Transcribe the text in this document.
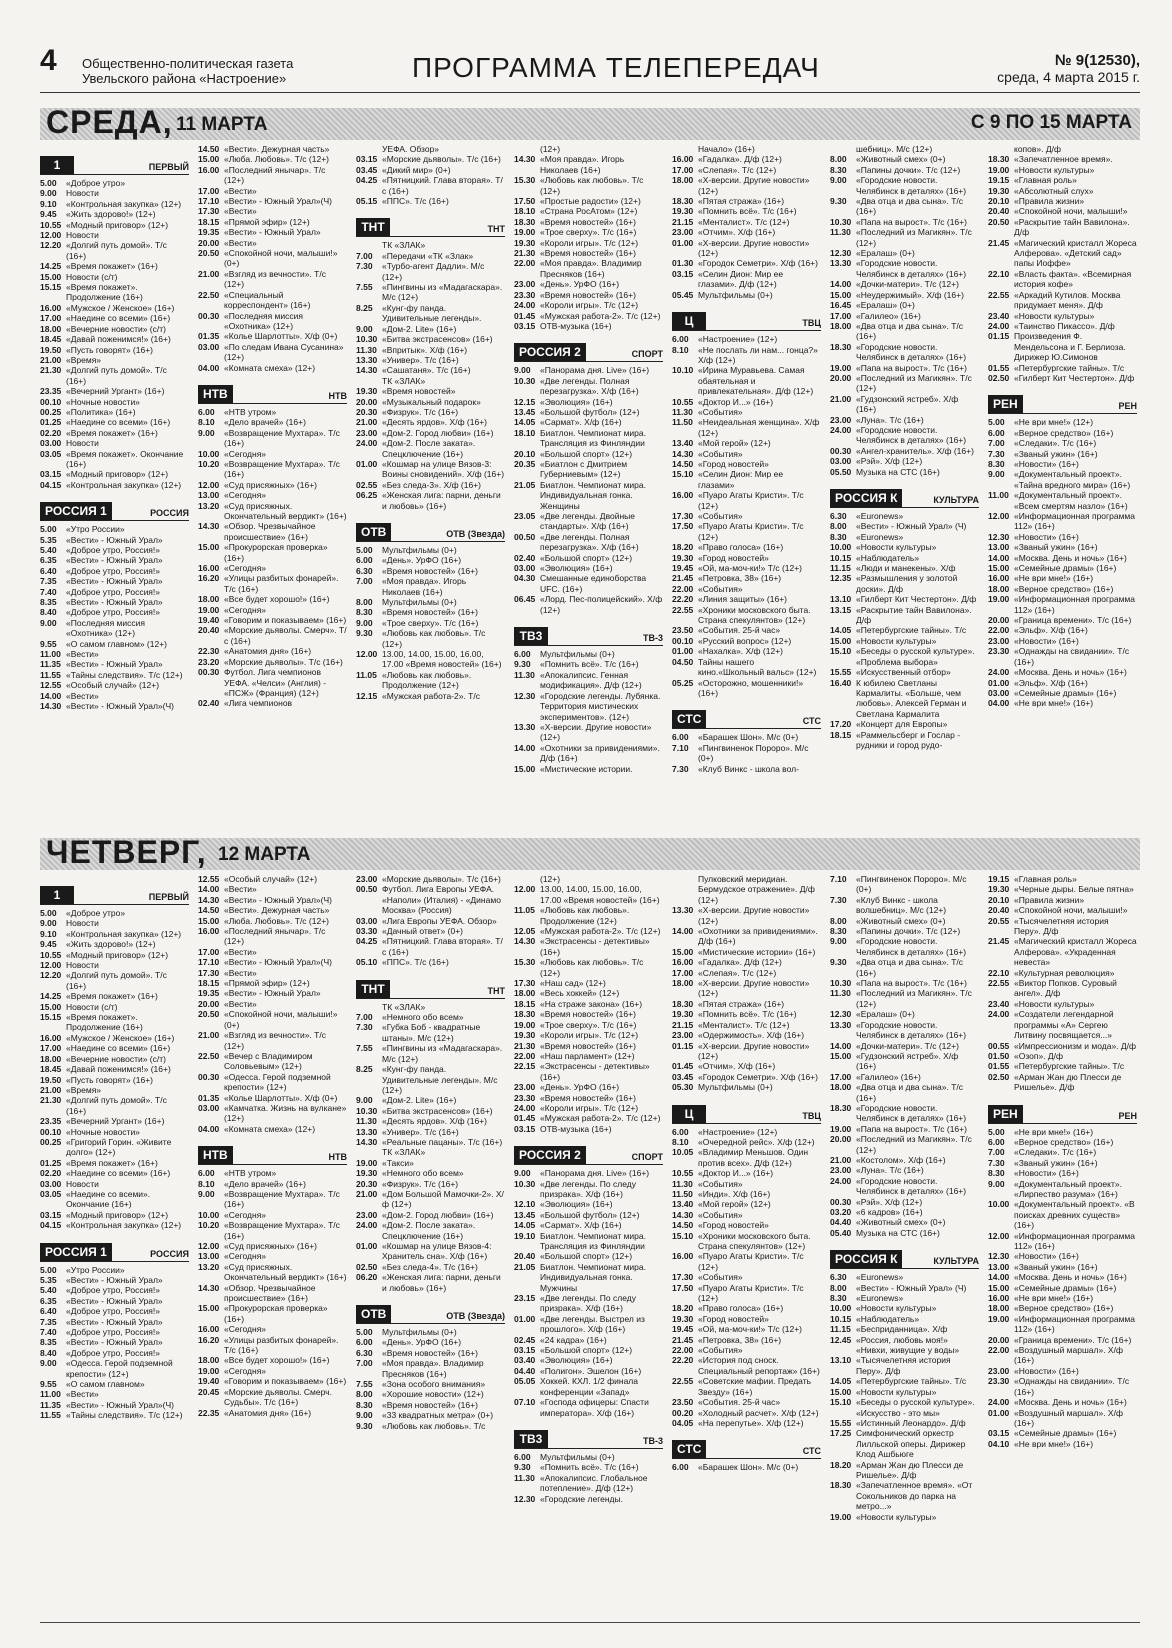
4 Общественно-политическая газета
Увельского района «Настроение»	ПРОГРАММА ТЕЛЕПЕРЕДАЧ	№ 9(12530),
среда, 4 марта 2015 г.
СРЕДА, 11 МАРТА	С 9 ПО 15 МАРТА
1	ПЕРВЫЙ
5.00	«Доброе утро»
9.00	Новости
9.10	«Контрольная закупка» (12+)
9.45	«Жить здорово!» (12+)
10.55 «Модный приговор» (12+)
12.00 Новости
12.20 «Долгий путь домой». Т/с (16+)
14.25 «Время покажет» (16+)
15.00 Новости (с/т)
15.15 «Время покажет». Продолжение (16+)
16.00 «Мужское / Женское» (16+)
17.00 «Наедине со всеми» (16+)
18.00 «Вечерние новости» (с/т)
18.45 «Давай поженимся!» (16+)
19.50 «Пусть говорят» (16+)
21.00 «Время»
21.30 «Долгий путь домой». Т/с (16+)
23.35 «Вечерний Ургант» (16+)
00.10 «Ночные новости»
00.25 «Политика» (16+)
01.25 «Наедине со всеми» (16+)
02.20 «Время покажет» (16+)
03.00 Новости
03.05 «Время покажет». Окончание (16+)
03.15 «Модный приговор» (12+)
04.15 «Контрольная закупка» (12+)
РОССИЯ 1	РОССИЯ
5.00	«Утро России»
5.35	«Вести» - Южный Урал»
5.40	«Доброе утро, Россия!»
6.35	«Вести» - Южный Урал»
6.40	«Доброе утро, Россия!»
7.35	«Вести» - Южный Урал»
7.40	«Доброе утро, Россия!»
8.35	«Вести» - Южный Урал»
8.40	«Доброе утро, Россия!»
9.00	«Последняя миссия «Охотника» (12+)
9.55	«О самом главном» (12+)
11.00 «Вести»
11.35 «Вести» - Южный Урал»
11.55 «Тайны следствия». Т/с (12+)
12.55 «Особый случай» (12+)
14.00 «Вести»
14.30 «Вести» - Южный Урал»(Ч)
14.50 «Вести». Дежурная часть»
15.00 «Люба. Любовь». Т/с (12+)
16.00 «Последний янычар». Т/с (12+)
17.00 «Вести»
17.10 «Вести» - Южный Урал»(Ч)
17.30 «Вести»
18.15 «Прямой эфир» (12+)
19.35 «Вести» - Южный Урал»
20.00 «Вести»
20.50 «Спокойной ночи, малыши!» (0+)
21.00 «Взгляд из вечности». Т/с (12+)
22.50 «Специальный корреспондент» (16+)
00.30 «Последняя миссия «Охотника» (12+)
01.35 «Колье Шарлотты». Х/ф (0+)
03.00 «По следам Ивана Сусанина» (12+)
04.00 «Комната смеха» (12+)
НТВ	НТВ
6.00	«НТВ утром»
8.10	«Дело врачей» (16+)
9.00	«Возвращение Мухтара». Т/с (16+)
10.00 «Сегодня»
10.20 «Возвращение Мухтара». Т/с (16+)
12.00 «Суд присяжных» (16+)
13.00 «Сегодня»
13.20 «Суд присяжных. Окончательный вердикт» (16+)
14.30 «Обзор. Чрезвычайное происшествие» (16+)
15.00 «Прокурорская проверка» (16+)
16.00 «Сегодня»
16.20 «Улицы разбитых фонарей». Т/с (16+)
18.00 «Все будет хорошо!» (16+)
19.00 «Сегодня»
19.40 «Говорим и показываем» (16+)
20.40 «Морские дьяволы. Смерч». Т/с (16+)
22.30 «Анатомия дня» (16+)
23.20 «Морские дьяволы». Т/с (16+)
00.30 Футбол. Лига чемпионов УЕФА. «Челси» (Англия) - «ПСЖ» (Франция) (12+)
02.40 «Лига чемпионов
УЕФА. Обзор»
03.15 «Морские дьяволы». Т/с (16+)
03.45 «Дикий мир» (0+)
04.25 «Пятницкий. Глава вторая». Т/с (16+)
05.15 «ППС». Т/с (16+)
ТНТ	ТНТ
ТК «ЗЛАК»
7.00	«Передачи «ТК «Злак»
7.30	«Турбо-агент Дадли». М/с (12+)
7.55	«Пингвины из «Мадагаскара». М/с (12+)
8.25	«Кунг-фу панда. Удивительные легенды».
9.00	«Дом-2. Lite» (16+)
10.30 «Битва экстрасенсов» (16+)
11.30 «Впритык». Х/ф (16+)
13.30 «Универ». Т/с (16+)
14.30 «Сашатаня». Т/с (16+)
ТК «ЗЛАК»
19.30 «Время новостей»
20.00 «Музыкальный подарок»
20.30 «Физрук». Т/с (16+)
21.00 «Десять ярдов». Х/ф (16+)
23.00 «Дом-2. Город любви» (16+)
24.00 «Дом-2. После заката». Спецключение (16+)
01.00 «Кошмар на улице Вязов-3: Воины сновидений». Х/ф (16+)
02.55 «Без следа-3». Х/ф (16+)
06.25 «Женская лига: парни, деньги и любовь» (16+)
ОТВ	ОТВ (Звезда)
5.00	Мультфильмы (0+)
6.00	«День». УрФО (16+)
6.30	«Время новостей» (16+)
7.00	«Моя правда». Игорь Николаев (16+)
8.00	Мультфильмы (0+)
8.30	«Время новостей» (16+)
9.00	«Трое сверху». Т/с (16+)
9.30	«Любовь как любовь». Т/с (12+)
12.00 13.00, 14.00, 15.00, 16.00, 17.00 «Время новостей» (16+)
11.05 «Любовь как любовь». Продолжение (12+)
12.15 «Мужская работа-2». Т/с
(12+)
14.30 «Моя правда». Игорь Николаев (16+)
15.30 «Любовь как любовь». Т/с (12+)
17.50 «Простые радости» (12+)
18.10 «Страна РосАтом» (12+)
18.30 «Время новостей» (16+)
19.00 «Трое сверху». Т/с (16+)
19.30 «Короли игры». Т/с (12+)
21.30 «Время новостей» (16+)
22.00 «Моя правда». Владимир Пресняков (16+)
23.00 «День». УрФО (16+)
23.30 «Время новостей» (16+)
24.00 «Короли игры». Т/с (12+)
01.45 «Мужская работа-2». Т/с (12+)
03.15 ОТВ-музыка (16+)
РОССИЯ 2	СПОРТ
9.00	«Панорама дня. Live» (16+)
10.30 «Две легенды. Полная перезагрузка». Х/ф (16+)
12.15 «Эволюция» (16+)
13.45 «Большой футбол» (12+)
14.05 «Сармат». Х/ф (16+)
18.10 Биатлон. Чемпионат мира. Трансляция из Финляндии
20.10 «Большой спорт» (12+)
20.35 «Биатлон с Дмитрием Губерниевым» (12+)
21.05 Биатлон. Чемпионат мира. Индивидуальная гонка. Женщины
23.05 «Две легенды. Двойные стандарты». Х/ф (16+)
00.50 «Две легенды. Полная перезагрузка». Х/ф (16+)
02.40 «Большой спорт» (12+)
03.00 «Эволюция» (16+)
04.30 Смешанные единоборства UFC. (16+)
06.45 «Лорд. Пес-полицейский». Х/ф (12+)
ТВ3	ТВ-3
6.00	Мультфильмы (0+)
9.30	«Помнить всё». Т/с (16+)
11.30 «Апокалипсис. Генная модификация». Д/ф (12+)
12.30 «Городские легенды. Лубянка. Территория мистических экспериментов». (12+)
13.30 «Х-версии. Другие новости» (12+)
14.00 «Охотники за привидениями». Д/ф (16+)
15.00 «Мистические истории.
Начало» (16+)
16.00 «Гадалка». Д/ф (12+)
17.00 «Слепая». Т/с (12+)
18.00 «Х-версии. Другие новости» (12+)
18.30 «Пятая стража» (16+)
19.30 «Помнить всё». Т/с (16+)
21.15 «Менталист». Т/с (12+)
23.00 «Отчим». Х/ф (16+)
01.00 «Х-версии. Другие новости» (12+)
01.30 «Городок Семетри». Х/ф (16+)
03.15 «Селин Дион: Мир ее глазами». Д/ф (12+)
05.45 Мультфильмы (0+)
Ц	ТВЦ
6.00	«Настроение» (12+)
8.10	«Не послать ли нам... гонца?» Х/ф (12+)
10.10 «Ирина Муравьева. Самая обаятельная и привлекательная». Д/ф (12+)
10.55 «Доктор И...» (16+)
11.30 «События»
11.50 «Неидеальная женщина». Х/ф (12+)
13.40 «Мой герой» (12+)
14.30 «События»
14.50 «Город новостей»
15.10 «Селин Дион: Мир ее глазами»
16.00 «Пуаро Агаты Кристи». Т/с (12+)
17.30 «События»
17.50 «Пуаро Агаты Кристи». Т/с (12+)
18.20 «Право голоса» (16+)
19.30 «Город новостей»
19.45 «Ой, ма-моч-ки!» Т/с (12+)
21.45 «Петровка, 38» (16+)
22.00 «События»
22.20 «Линия защиты» (16+)
22.55 «Хроники московского быта. Страна спекулянтов» (12+)
23.50 «События. 25-й час»
00.10 «Русский вопрос» (12+)
01.00 «Нахалка». Х/ф (12+)
04.50 Тайны нашего кино.«Школьный вальс» (12+)
05.25 «Осторожно, мошенники!» (16+)
СТС	СТС
6.00	«Барашек Шон». М/с (0+)
7.10	«Пингвиненок Пороро». М/с (0+)
7.30	«Клуб Винкс - школа вол-
шебниц». М/с (12+)
8.00	«Животный смех» (0+)
8.30	«Папины дочки». Т/с (12+)
9.00	«Городские новости. Челябинск в деталях» (16+)
9.30	«Два отца и два сына». Т/с (16+)
10.30 «Папа на вырост». Т/с (16+)
11.30 «Последний из Магикян». Т/с (12+)
12.30 «Ералаш» (0+)
13.30 «Городские новости. Челябинск в деталях» (16+)
14.00 «Дочки-матери». Т/с (12+)
15.00 «Неудержимый». Х/ф (16+)
16.45 «Ералаш» (0+)
17.00 «Галилео» (16+)
18.00 «Два отца и два сына». Т/с (16+)
18.30 «Городские новости. Челябинск в деталях» (16+)
19.00 «Папа на вырост». Т/с (16+)
20.00 «Последний из Магикян». Т/с (12+)
21.00 «Гудзонский ястреб». Х/ф (16+)
23.00 «Луна». Т/с (16+)
24.00 «Городские новости. Челябинск в деталях» (16+)
00.30 «Ангел-хранитель». Х/ф (16+)
03.00 «Рэй». Х/ф (12+)
05.50 Музыка на СТС (16+)
РОССИЯ К	КУЛЬТУРА
6.30	«Euronews»
8.00	«Вести» - Южный Урал» (Ч)
8.30	«Euronews»
10.00 «Новости культуры»
10.15 «Наблюдатель»
11.15 «Люди и манекены». Х/ф
12.35 «Размышления у золотой доски». Д/ф
13.10 «Гилберт Кит Честертон». Д/ф
13.15 «Раскрытие тайн Вавилона». Д/ф
14.05 «Петербургские тайны». Т/с
15.00 «Новости культуры»
15.10 «Беседы о русской культуре». «Проблема выбора»
15.55 «Искусственный отбор»
16.40 К юбилею Светланы Кармалиты. «Больше, чем любовь». Алексей Герман и Светлана Кармалита
17.20 «Концерт для Европы»
18.15 «Раммельсберг и Гослар - рудники и город рудо-
копов». Д/ф
18.30 «Запечатленное время».
19.00 «Новости культуры»
19.15 «Главная роль»
19.30 «Абсолютный слух»
20.10 «Правила жизни»
20.40 «Спокойной ночи, малыши!»
20.50 «Раскрытие тайн Вавилона». Д/ф
21.45 «Магический кристалл Жореса Алферова». «Детский сад» папы Иоффе»
22.10 «Власть факта». «Всемирная история кофе»
22.55 «Аркадий Кутилов. Москва придумает меня». Д/ф
23.40 «Новости культуры»
24.00 «Таинство Пикассо». Д/ф
01.15 Произведения Ф. Мендельсона и Г. Берлиоза. Дирижер Ю.Симонов
01.55 «Петербургские тайны». Т/с
02.50 «Гилберт Кит Честертон». Д/ф
РЕН	РЕН
5.00	«Не ври мне!» (12+)
6.00	«Верное средство» (16+)
7.00	«Следаки». Т/с (16+)
7.30	«Званый ужин» (16+)
8.30	«Новости» (16+)
9.00	«Документальный проект». «Тайна вредного мира» (16+)
11.00 «Документальный проект». «Всем смертям назло» (16+)
12.00 «Информационная программа 112» (16+)
12.30 «Новости» (16+)
13.00 «Званый ужин» (16+)
14.00 «Москва. День и ночь» (16+)
15.00 «Семейные драмы» (16+)
16.00 «Не ври мне!» (16+)
18.00 «Верное средство» (16+)
19.00 «Информационная программа 112» (16+)
20.00 «Граница времени». Т/с (16+)
22.00 «Эльф». Х/ф (16+)
23.00 «Новости» (16+)
23.30 «Однажды на свидании». Т/с (16+)
24.00 «Москва. День и ночь» (16+)
01.00 «Эльф». Х/ф (16+)
03.00 «Семейные драмы» (16+)
04.00 «Не ври мне!» (16+)
ЧЕТВЕРГ, 12 МАРТА
1	ПЕРВЫЙ
5.00	«Доброе утро»
9.00	Новости
9.10	«Контрольная закупка» (12+)
9.45	«Жить здорово!» (12+)
10.55 «Модный приговор» (12+)
12.00 Новости
12.20 «Долгий путь домой». Т/с (16+)
14.25 «Время покажет» (16+)
15.00 Новости (с/т)
15.15 «Время покажет». Продолжение (16+)
16.00 «Мужское / Женское» (16+)
17.00 «Наедине со всеми» (16+)
18.00 «Вечерние новости» (с/т)
18.45 «Давай поженимся!» (16+)
19.50 «Пусть говорят» (16+)
21.00 «Время»
21.30 «Долгий путь домой». Т/с (16+)
23.35 «Вечерний Ургант» (16+)
00.10 «Ночные новости»
00.25 «Григорий Горин. «Живите долго» (12+)
01.25 «Время покажет» (16+)
02.20 «Наедине со всеми» (16+)
03.00 Новости
03.05 «Наедине со всеми». Окончание (16+)
03.15 «Модный приговор» (12+)
04.15 «Контрольная закупка» (12+)
РОССИЯ 1	РОССИЯ
5.00	«Утро России»
5.35	«Вести» - Южный Урал»
5.40	«Доброе утро, Россия!»
6.35	«Вести» - Южный Урал»
6.40	«Доброе утро, Россия!»
7.35	«Вести» - Южный Урал»
7.40	«Доброе утро, Россия!»
8.35	«Вести» - Южный Урал»
8.40	«Доброе утро, Россия!»
9.00	«Одесса. Герой подземной крепости» (12+)
9.55	«О самом главном»
11.00 «Вести»
11.35 «Вести» - Южный Урал»(Ч)
11.55 «Тайны следствия». Т/с (12+)
12.55 «Особый случай» (12+)
14.00 «Вести»
14.30 «Вести» - Южный Урал»(Ч)
14.50 «Вести». Дежурная часть»
15.00 «Люба. Любовь». Т/с (12+)
16.00 «Последний янычар». Т/с (12+)
17.00 «Вести»
17.10 «Вести» - Южный Урал»(Ч)
17.30 «Вести»
18.15 «Прямой эфир» (12+)
19.35 «Вести» - Южный Урал»
20.00 «Вести»
20.50 «Спокойной ночи, малыши!» (0+)
21.00 «Взгляд из вечности». Т/с (12+)
22.50 «Вечер с Владимиром Соловьевым» (12+)
00.30 «Одесса. Герой подземной крепости» (12+)
01.35 «Колье Шарлотты». Х/ф (0+)
03.00 «Камчатка. Жизнь на вулкане» (12+)
04.00 «Комната смеха» (12+)
НТВ	НТВ
6.00	«НТВ утром»
8.10	«Дело врачей» (16+)
9.00	«Возвращение Мухтара». Т/с (16+)
10.00 «Сегодня»
10.20 «Возвращение Мухтара». Т/с (16+)
12.00 «Суд присяжных» (16+)
13.00 «Сегодня»
13.20 «Суд присяжных. Окончательный вердикт» (16+)
14.30 «Обзор. Чрезвычайное происшествие» (16+)
15.00 «Прокурорская проверка» (16+)
16.00 «Сегодня»
16.20 «Улицы разбитых фонарей». Т/с (16+)
18.00 «Все будет хорошо!» (16+)
19.00 «Сегодня»
19.40 «Говорим и показываем» (16+)
20.45 «Морские дьяволы. Смерч. Судьбы». Т/с (16+)
22.35 «Анатомия дня» (16+)
23.00 «Морские дьяволы». Т/с (16+)
00.50 Футбол. Лига Европы УЕФА. «Наполи» (Италия) - «Динамо Москва» (Россия)
03.00 «Лига Европы УЕФА. Обзор»
03.30 «Дачный ответ» (0+)
04.25 «Пятницкий. Глава вторая». Т/с (16+)
05.10 «ППС». Т/с (16+)
ТНТ	ТНТ
ТК «ЗЛАК»
7.00	«Немного обо всем»
7.30	«Губка Боб - квадратные штаны». М/с (12+)
7.55	«Пингвины из «Мадагаскара». М/с (12+)
8.25	«Кунг-фу панда. Удивительные легенды». М/с (12+)
9.00	«Дом-2. Lite» (16+)
10.30 «Битва экстрасенсов» (16+)
11.30 «Десять ярдов». Х/ф (16+)
13.30 «Универ». Т/с (16+)
14.30 «Реальные пацаны». Т/с (16+)
ТК «ЗЛАК»
19.00 «Такси»
19.30 «Немного обо всем»
20.30 «Физрук». Т/с (16+)
21.00 «Дом Большой Мамочки-2». Х/ф (12+)
23.00 «Дом-2. Город любви» (16+)
24.00 «Дом-2. После заката». Спецключение (16+)
01.00 «Кошмар на улице Вязов-4: Хранитель сна». Х/ф (16+)
02.50 «Без следа-4». Т/с (16+)
06.20 «Женская лига: парни, деньги и любовь» (16+)
ОТВ	ОТВ (Звезда)
5.00	Мультфильмы (0+)
6.00	«День». УрФО (16+)
6.30	«Время новостей» (16+)
7.00	«Моя правда». Владимир Пресняков (16+)
7.55	«Зона особого внимания»
8.00	«Хорошие новости» (12+)
8.30	«Время новостей» (16+)
9.00	«33 квадратных метра» (0+)
9.30	«Любовь как любовь». Т/с
(12+)
12.00 13.00, 14.00, 15.00, 16.00, 17.00 «Время новостей» (16+)
11.05 «Любовь как любовь». Продолжение (12+)
12.05 «Мужская работа-2». Т/с (12+)
14.30 «Экстрасенсы - детективы» (16+)
15.30 «Любовь как любовь». Т/с (12+)
17.30 «Наш сад» (12+)
18.00 «Весь хоккей» (12+)
18.15 «На страже закона» (16+)
18.30 «Время новостей» (16+)
19.00 «Трое сверху». Т/с (16+)
19.30 «Короли игры». Т/с (12+)
21.30 «Время новостей» (16+)
22.00 «Наш парламент» (12+)
22.15 «Экстрасенсы - детективы» (16+)
23.00 «День». УрФО (16+)
23.30 «Время новостей» (16+)
24.00 «Короли игры». Т/с (12+)
01.45 «Мужская работа-2». Т/с (12+)
03.15 ОТВ-музыка (16+)
РОССИЯ 2	СПОРТ
9.00	«Панорама дня. Live» (16+)
10.30 «Две легенды. По следу призрака». Х/ф (16+)
12.10 «Эволюция» (16+)
13.45 «Большой футбол» (12+)
14.05 «Сармат». Х/ф (16+)
19.10 Биатлон. Чемпионат мира. Трансляция из Финляндии
20.40 «Большой спорт» (12+)
21.05 Биатлон. Чемпионат мира. Индивидуальная гонка. Мужчины
23.15 «Две легенды. По следу призрака». Х/ф (16+)
01.00 «Две легенды. Выстрел из прошлого». Х/ф (16+)
02.45 «24 кадра» (16+)
03.15 «Большой спорт» (12+)
03.40 «Эволюция» (16+)
04.40 «Полигон». Эшелон (16+)
05.05 Хоккей. КХЛ. 1/2 финала конференции «Запад»
07.10 «Господа офицеры: Спасти императора». Х/ф (16+)
ТВ3	ТВ-3
6.00	Мультфильмы (0+)
9.30	«Помнить всё». Т/с (16+)
11.30 «Апокалипсис. Глобальное потепление». Д/ф (12+)
12.30 «Городские легенды.
Пулковский меридиан. Бермудское отражение». Д/ф (12+)
13.30 «Х-версии. Другие новости» (12+)
14.00 «Охотники за привидениями». Д/ф (16+)
15.00 «Мистические истории» (16+)
16.00 «Гадалка». Д/ф (12+)
17.00 «Слепая». Т/с (12+)
18.00 «Х-версии. Другие новости» (12+)
18.30 «Пятая стража» (16+)
19.30 «Помнить всё». Т/с (16+)
21.15 «Менталист». Т/с (12+)
23.00 «Одержимость». Х/ф (16+)
01.15 «Х-версии. Другие новости» (12+)
01.45 «Отчим». Х/ф (16+)
03.45 «Городок Семетри». Х/ф (16+)
05.30 Мультфильмы (0+)
Ц	ТВЦ
6.00	«Настроение» (12+)
8.10	«Очередной рейс». Х/ф (12+)
10.05 «Владимир Меньшов. Один против всех». Д/ф (12+)
10.55 «Доктор И...» (16+)
11.30 «События»
11.50 «Инди». Х/ф (16+)
13.40 «Мой герой» (12+)
14.30 «События»
14.50 «Город новостей»
15.10 «Хроники московского быта. Страна спекулянтов» (12+)
16.00 «Пуаро Агаты Кристи». Т/с (12+)
17.30 «События»
17.50 «Пуаро Агаты Кристи». Т/с (12+)
18.20 «Право голоса» (16+)
19.30 «Город новостей»
19.45 «Ой, ма-моч-ки!» Т/с (12+)
21.45 «Петровка, 38» (16+)
22.00 «События»
22.20 «История под сноск. Специальный репортаж» (16+)
22.55 «Советские мафии. Предать Звезду» (16+)
23.50 «События. 25-й час»
00.20 «Холодный расчет». Х/ф (12+)
04.05 «На перепутье». Х/ф (12+)
СТС	СТС
6.00	«Барашек Шон». М/с (0+)
7.10	«Пингвиненок Пороро». М/с (0+)
7.30	«Клуб Винкс - школа волшебниц». М/с (12+)
8.00	«Животный смех» (0+)
8.30	«Папины дочки». Т/с (12+)
9.00	«Городские новости. Челябинск в деталях» (16+)
9.30	«Два отца и два сына». Т/с (16+)
10.30 «Папа на вырост». Т/с (16+)
11.30 «Последний из Магикян». Т/с (12+)
12.30 «Ералаш» (0+)
13.30 «Городские новости. Челябинск в деталях» (16+)
14.00 «Дочки-матери». Т/с (12+)
15.00 «Гудзонский ястреб». Х/ф (16+)
17.00 «Галилео» (16+)
18.00 «Два отца и два сына». Т/с (16+)
18.30 «Городские новости. Челябинск в деталях» (16+)
19.00 «Папа на вырост». Т/с (16+)
20.00 «Последний из Магикян». Т/с (12+)
21.00 «Костолом». Х/ф (16+)
23.00 «Луна». Т/с (16+)
24.00 «Городские новости. Челябинск в деталях» (16+)
00.30 «Рэй». Х/ф (12+)
03.20 «6 кадров» (16+)
04.40 «Животный смех» (0+)
05.40 Музыка на СТС (16+)
РОССИЯ К	КУЛЬТУРА
6.30	«Euronews»
8.00	«Вести» - Южный Урал» (Ч)
8.30	«Euronews»
10.00 «Новости культуры»
10.15 «Наблюдатель»
11.15 «Бесприданница». Х/ф
12.45 «Россия, любовь моя!» «Нивхи, живущие у воды»
13.10 «Тысячелетняя история Перу». Д/ф
14.05 «Петербургские тайны». Т/с
15.00 «Новости культуры»
15.10 «Беседы о русской культуре». «Искусство - это мы»
15.55 «Истинный Леонардо». Д/ф
17.25 Симфонический оркестр Лилльской оперы. Дирижер Клод Ашбьюге
18.20 «Арман Жан дю Плесси де Ришелье». Д/ф
18.30 «Запечатленное время». «От Сокольников до парка на метро...»
19.00 «Новости культуры»
19.15 «Главная роль»
19.30 «Черные дыры. Белые пятна»
20.10 «Правила жизни»
20.40 «Спокойной ночи, малыши!»
20.55 «Тысячелетняя история Перу». Д/ф
21.45 «Магический кристалл Жореса Алферова». «Украденная невеста»
22.10 «Культурная революция»
22.55 «Виктор Попков. Суровый ангел». Д/ф
23.40 «Новости культуры»
24.00 «Создатели легендарной программы «А» Сергею Литвину посвящается...»
00.55 «Импрессионизм и мода». Д/ф
01.50 «Озоп». Д/ф
01.55 «Петербургские тайны». Т/с
02.50 «Арман Жан дю Плесси де Ришелье». Д/ф
РЕН	РЕН
5.00	«Не ври мне!» (16+)
6.00	«Верное средство» (16+)
7.00	«Следаки». Т/с (16+)
7.30	«Званый ужин» (16+)
8.30	«Новости» (16+)
9.00	«Документальный проект». «Лирпество разума» (16+)
10.00 «Документальный проект». «В поисках древних существ» (16+)
12.00 «Информационная программа 112» (16+)
12.30 «Новости» (16+)
13.00 «Званый ужин» (16+)
14.00 «Москва. День и ночь» (16+)
15.00 «Семейные драмы» (16+)
16.00 «Не ври мне!» (16+)
18.00 «Верное средство» (16+)
19.00 «Информационная программа 112» (16+)
20.00 «Граница времени». Т/с (16+)
22.00 «Воздушный маршал». Х/ф (16+)
23.00 «Новости» (16+)
23.30 «Однажды на свидании». Т/с (16+)
24.00 «Москва. День и ночь» (16+)
01.00 «Воздушный маршал». Х/ф (16+)
03.15 «Семейные драмы» (16+)
04.10 «Не ври мне!» (16+)
